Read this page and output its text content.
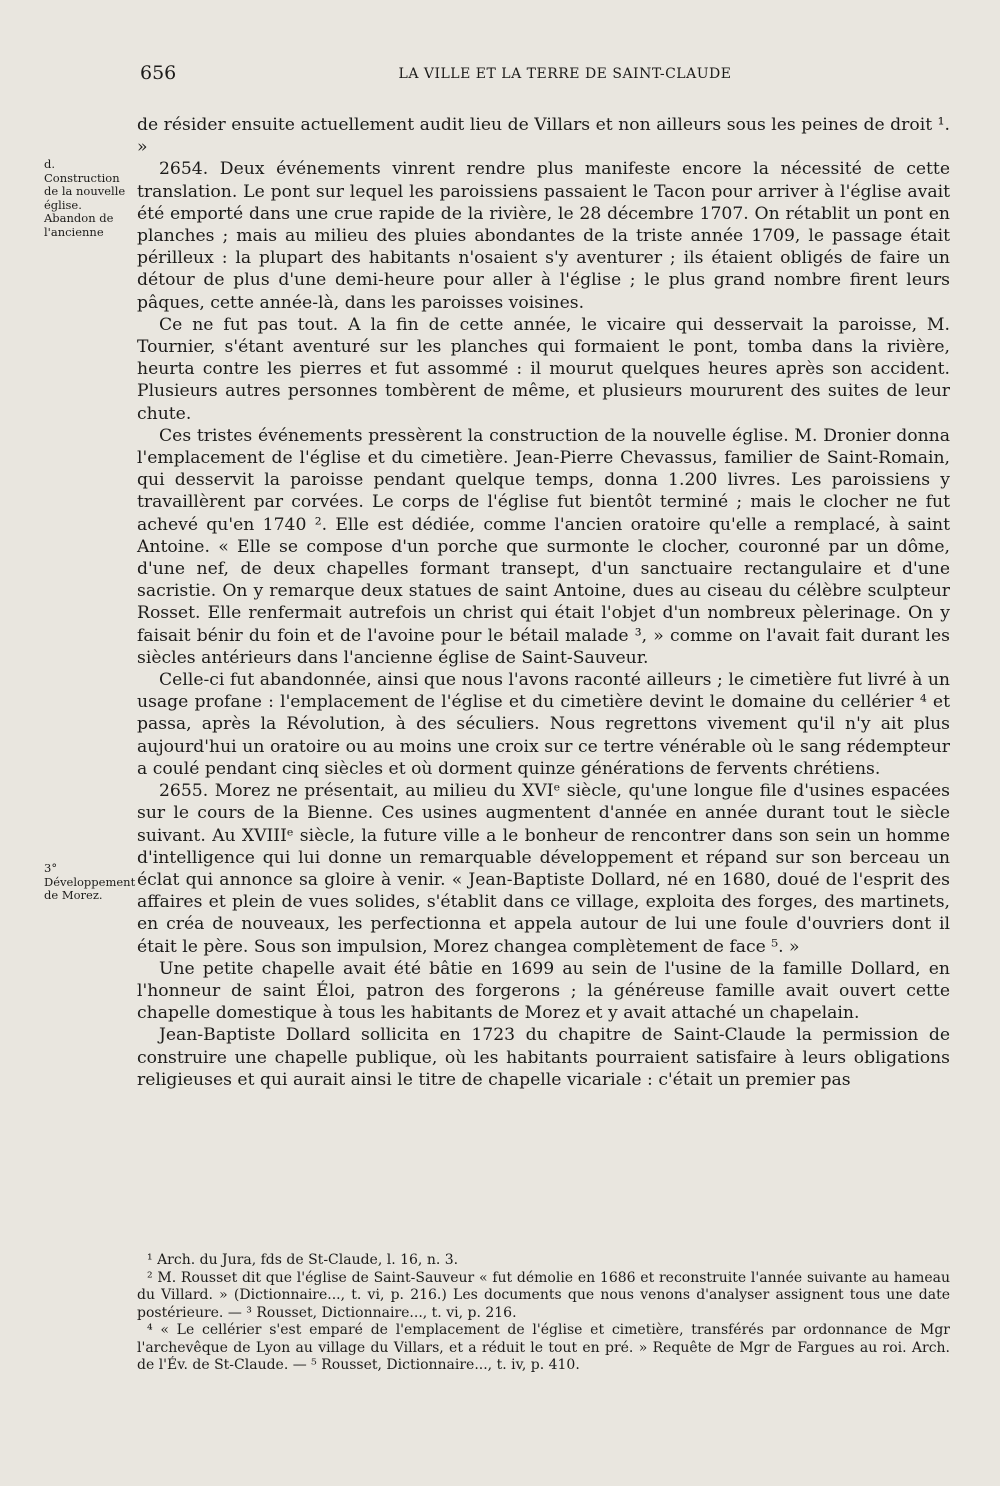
656	LA VILLE ET LA TERRE DE SAINT-CLAUDE
d. Construction de la nouvelle église. Abandon de l'ancienne
3° Développement de Morez.

de résider ensuite actuellement audit lieu de Villars et non ailleurs sous les peines de droit ¹. »

2654. Deux événements vinrent rendre plus manifeste encore la nécessité de cette translation. Le pont sur lequel les paroissiens passaient le Tacon pour arriver à l'église avait été emporté dans une crue rapide de la rivière, le 28 décembre 1707. On rétablit un pont en planches ; mais au milieu des pluies abondantes de la triste année 1709, le passage était périlleux : la plupart des habitants n'osaient s'y aventurer ; ils étaient obligés de faire un détour de plus d'une demi-heure pour aller à l'église ; le plus grand nombre firent leurs pâques, cette année-là, dans les paroisses voisines.

Ce ne fut pas tout. A la fin de cette année, le vicaire qui desservait la paroisse, M. Tournier, s'étant aventuré sur les planches qui formaient le pont, tomba dans la rivière, heurta contre les pierres et fut assommé : il mourut quelques heures après son accident. Plusieurs autres personnes tombèrent de même, et plusieurs moururent des suites de leur chute.

Ces tristes événements pressèrent la construction de la nouvelle église. M. Dronier donna l'emplacement de l'église et du cimetière. Jean-Pierre Chevassus, familier de Saint-Romain, qui desservit la paroisse pendant quelque temps, donna 1.200 livres. Les paroissiens y travaillèrent par corvées. Le corps de l'église fut bientôt terminé ; mais le clocher ne fut achevé qu'en 1740 ². Elle est dédiée, comme l'ancien oratoire qu'elle a remplacé, à saint Antoine. « Elle se compose d'un porche que surmonte le clocher, couronné par un dôme, d'une nef, de deux chapelles formant transept, d'un sanctuaire rectangulaire et d'une sacristie. On y remarque deux statues de saint Antoine, dues au ciseau du célèbre sculpteur Rosset. Elle renfermait autrefois un christ qui était l'objet d'un nombreux pèlerinage. On y faisait bénir du foin et de l'avoine pour le bétail malade ³, » comme on l'avait fait durant les siècles antérieurs dans l'ancienne église de Saint-Sauveur.

Celle-ci fut abandonnée, ainsi que nous l'avons raconté ailleurs ; le cimetière fut livré à un usage profane : l'emplacement de l'église et du cimetière devint le domaine du cellérier ⁴ et passa, après la Révolution, à des séculiers. Nous regrettons vivement qu'il n'y ait plus aujourd'hui un oratoire ou au moins une croix sur ce tertre vénérable où le sang rédempteur a coulé pendant cinq siècles et où dorment quinze générations de fervents chrétiens.

2655. Morez ne présentait, au milieu du XVIᵉ siècle, qu'une longue file d'usines espacées sur le cours de la Bienne. Ces usines augmentent d'année en année durant tout le siècle suivant. Au XVIIIᵉ siècle, la future ville a le bonheur de rencontrer dans son sein un homme d'intelligence qui lui donne un remarquable développement et répand sur son berceau un éclat qui annonce sa gloire à venir. « Jean-Baptiste Dollard, né en 1680, doué de l'esprit des affaires et plein de vues solides, s'établit dans ce village, exploita des forges, des martinets, en créa de nouveaux, les perfectionna et appela autour de lui une foule d'ouvriers dont il était le père. Sous son impulsion, Morez changea complètement de face ⁵. »

Une petite chapelle avait été bâtie en 1699 au sein de l'usine de la famille Dollard, en l'honneur de saint Éloi, patron des forgerons ; la généreuse famille avait ouvert cette chapelle domestique à tous les habitants de Morez et y avait attaché un chapelain.

Jean-Baptiste Dollard sollicita en 1723 du chapitre de Saint-Claude la permission de construire une chapelle publique, où les habitants pourraient satisfaire à leurs obligations religieuses et qui aurait ainsi le titre de chapelle vicariale : c'était un premier pas

¹ Arch. du Jura, fds de St-Claude, l. 16, n. 3.

² M. Rousset dit que l'église de Saint-Sauveur « fut démolie en 1686 et reconstruite l'année suivante au hameau du Villard. » (Dictionnaire..., t. vi, p. 216.) Les documents que nous venons d'analyser assignent tous une date postérieure. — ³ Rousset, Dictionnaire..., t. vi, p. 216.

⁴ « Le cellérier s'est emparé de l'emplacement de l'église et cimetière, transférés par ordonnance de Mgr l'archevêque de Lyon au village du Villars, et a réduit le tout en pré. » Requête de Mgr de Fargues au roi. Arch. de l'Év. de St-Claude. — ⁵ Rousset, Dictionnaire..., t. iv, p. 410.
